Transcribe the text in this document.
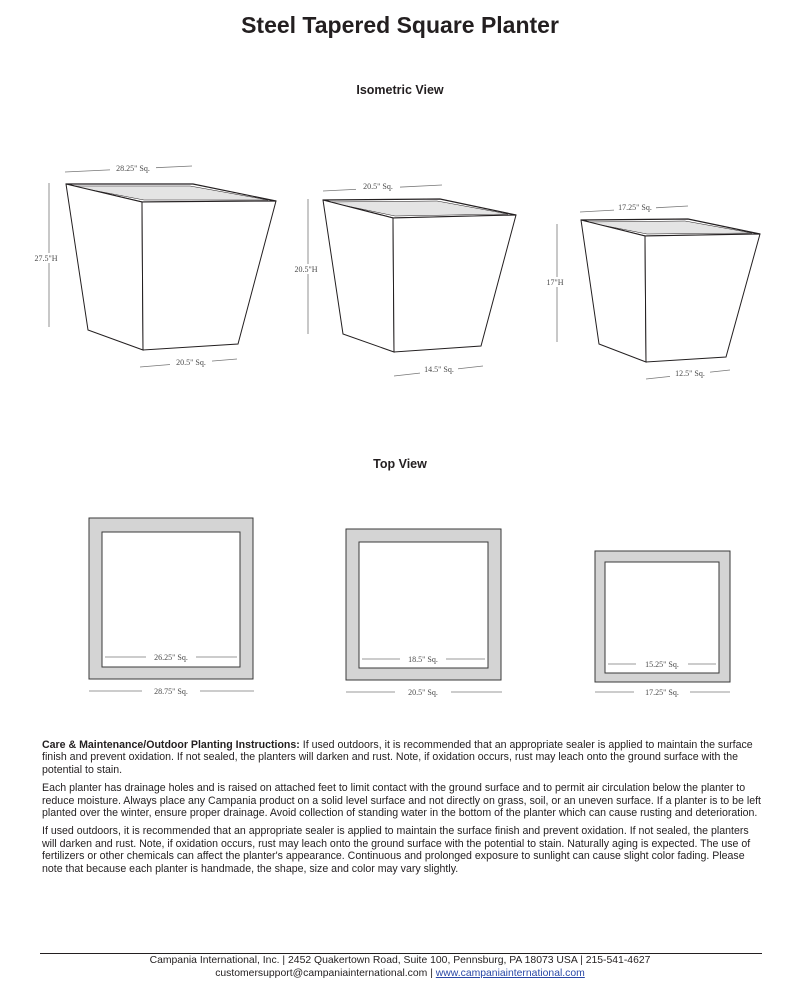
Steel Tapered Square Planter
Isometric View
Top View
28.25" Sq.
27.5"H
20.5" Sq.
20.5" Sq.
20.5"H
14.5" Sq.
17.25" Sq.
17"H
12.5" Sq.
26.25" Sq.
28.75" Sq.
18.5" Sq.
20.5" Sq.
15.25" Sq.
17.25" Sq.

Care & Maintenance/Outdoor Planting Instructions: If used outdoors, it is recommended that an appropriate sealer is applied to maintain the surface finish and prevent oxidation. If not sealed, the planters will darken and rust. Note, if oxidation occurs, rust may leach onto the ground surface with the potential to stain.

Each planter has drainage holes and is raised on attached feet to limit contact with the ground surface and to permit air circulation below the planter to reduce moisture. Always place any Campania product on a solid level surface and not directly on grass, soil, or an uneven surface. If a planter is to be left planted over the winter, ensure proper drainage. Avoid collection of standing water in the bottom of the planter which can cause rusting and deterioration.

If used outdoors, it is recommended that an appropriate sealer is applied to maintain the surface finish and prevent oxidation. If not sealed, the planters will darken and rust. Note, if oxidation occurs, rust may leach onto the ground surface with the potential to stain. Naturally aging is expected. The use of fertilizers or other chemicals can affect the planter's appearance. Continuous and prolonged exposure to sunlight can cause slight color fading. Please note that because each planter is handmade, the shape, size and color may vary slightly.

Campania International, Inc. | 2452 Quakertown Road, Suite 100, Pennsburg, PA 18073 USA | 215-541-4627
customersupport@campaniainternational.com | www.campaniainternational.com
